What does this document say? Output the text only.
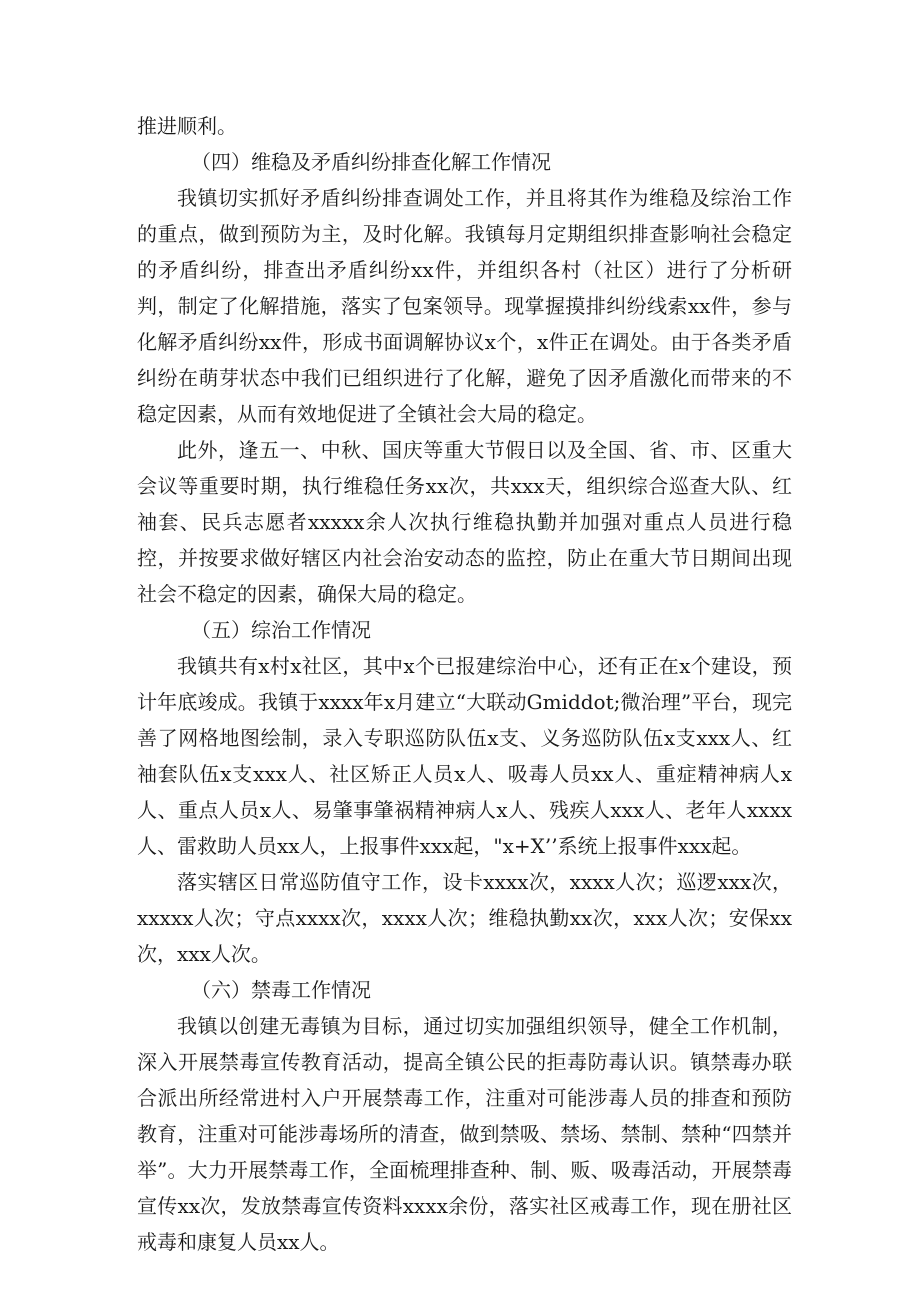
推进顺利。

（四）维稳及矛盾纠纷排查化解工作情况

我镇切实抓好矛盾纠纷排查调处工作，并且将其作为维稳及综治工作的重点，做到预防为主，及时化解。我镇每月定期组织排查影响社会稳定的矛盾纠纷，排查出矛盾纠纷xx件，并组织各村（社区）进行了分析研判，制定了化解措施，落实了包案领导。现掌握摸排纠纷线索xx件，参与化解矛盾纠纷xx件，形成书面调解协议x个，x件正在调处。由于各类矛盾纠纷在萌芽状态中我们已组织进行了化解，避免了因矛盾激化而带来的不稳定因素，从而有效地促进了全镇社会大局的稳定。

此外，逢五一、中秋、国庆等重大节假日以及全国、省、市、区重大会议等重要时期，执行维稳任务xx次，共xxx天，组织综合巡查大队、红袖套、民兵志愿者xxxxx余人次执行维稳执勤并加强对重点人员进行稳控，并按要求做好辖区内社会治安动态的监控，防止在重大节日期间出现社会不稳定的因素，确保大局的稳定。

（五）综治工作情况

我镇共有x村x社区，其中x个已报建综治中心，还有正在x个建设，预计年底竣成。我镇于xxxx年x月建立“大联动Gmiddot;微治理”平台，现完善了网格地图绘制，录入专职巡防队伍x支、义务巡防队伍x支xxx人、红袖套队伍x支xxx人、社区矫正人员x人、吸毒人员xx人、重症精神病人x人、重点人员x人、易肇事肇祸精神病人x人、残疾人xxx人、老年人xxxx人、雷救助人员xx人，上报事件xxx起，"x+X’’系统上报事件xxx起。

落实辖区日常巡防值守工作，设卡xxxx次，xxxx人次；巡逻xxx次，xxxxx人次；守点xxxx次，xxxx人次；维稳执勤xx次，xxx人次；安保xx次，xxx人次。

（六）禁毒工作情况

我镇以创建无毒镇为目标，通过切实加强组织领导，健全工作机制，深入开展禁毒宣传教育活动，提高全镇公民的拒毒防毒认识。镇禁毒办联合派出所经常进村入户开展禁毒工作，注重对可能涉毒人员的排查和预防教育，注重对可能涉毒场所的清查，做到禁吸、禁场、禁制、禁种“四禁并举”。大力开展禁毒工作，全面梳理排查种、制、贩、吸毒活动，开展禁毒宣传xx次，发放禁毒宣传资料xxxx余份，落实社区戒毒工作，现在册社区戒毒和康复人员xx人。
